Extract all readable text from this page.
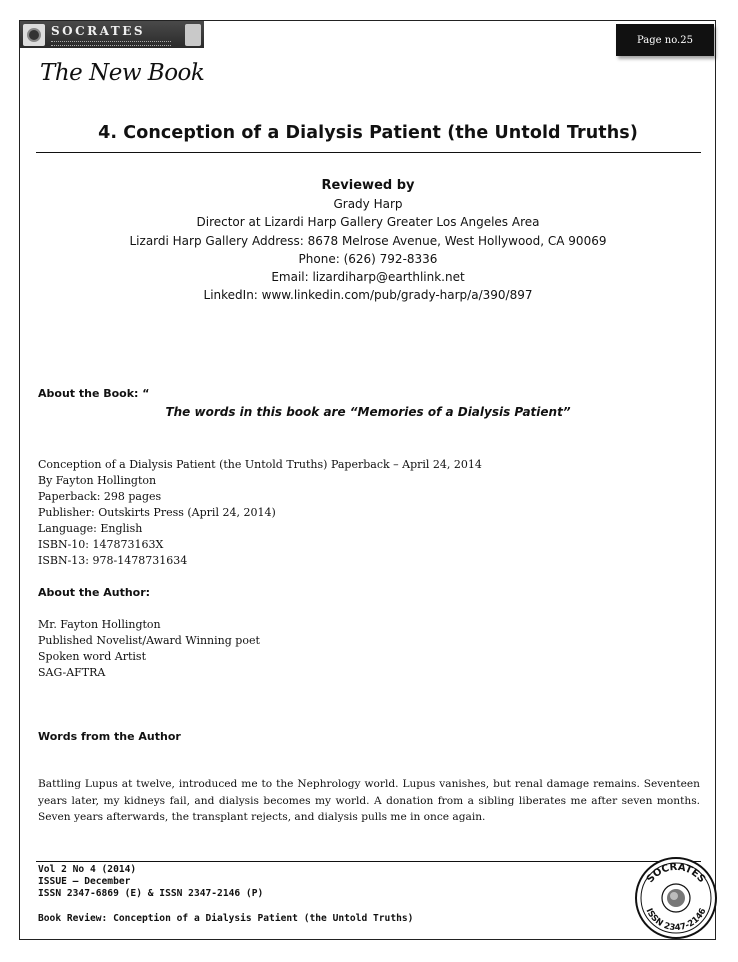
SOCRATES
Page no.25
The New Book
4. Conception of a Dialysis Patient (the Untold Truths)
Reviewed by
Grady Harp
Director at Lizardi Harp Gallery Greater Los Angeles Area
Lizardi Harp Gallery Address: 8678 Melrose Avenue, West Hollywood, CA 90069
Phone: (626) 792-8336
Email: lizardiharp@earthlink.net
LinkedIn: www.linkedin.com/pub/grady-harp/a/390/897
About the Book: “
The words in this book are “Memories of a Dialysis Patient”
Conception of a Dialysis Patient (the Untold Truths) Paperback – April 24, 2014
By Fayton Hollington
Paperback: 298 pages
Publisher: Outskirts Press (April 24, 2014)
Language: English
ISBN-10: 147873163X
ISBN-13: 978-1478731634
About the Author:
Mr. Fayton Hollington
Published Novelist/Award Winning poet
Spoken word Artist
SAG-AFTRA
Words from the Author
Battling Lupus at twelve, introduced me to the Nephrology world. Lupus vanishes, but renal damage remains. Seventeen years later, my kidneys fail, and dialysis becomes my world. A donation from a sibling liberates me after seven months. Seven years afterwards, the transplant rejects, and dialysis pulls me in once again.
Vol 2 No 4 (2014)
ISSUE – December
ISSN 2347-6869 (E) & ISSN 2347-2146 (P)
Book Review: Conception of a Dialysis Patient (the Untold Truths)
SOCRATES
ISSN 2347-2146
